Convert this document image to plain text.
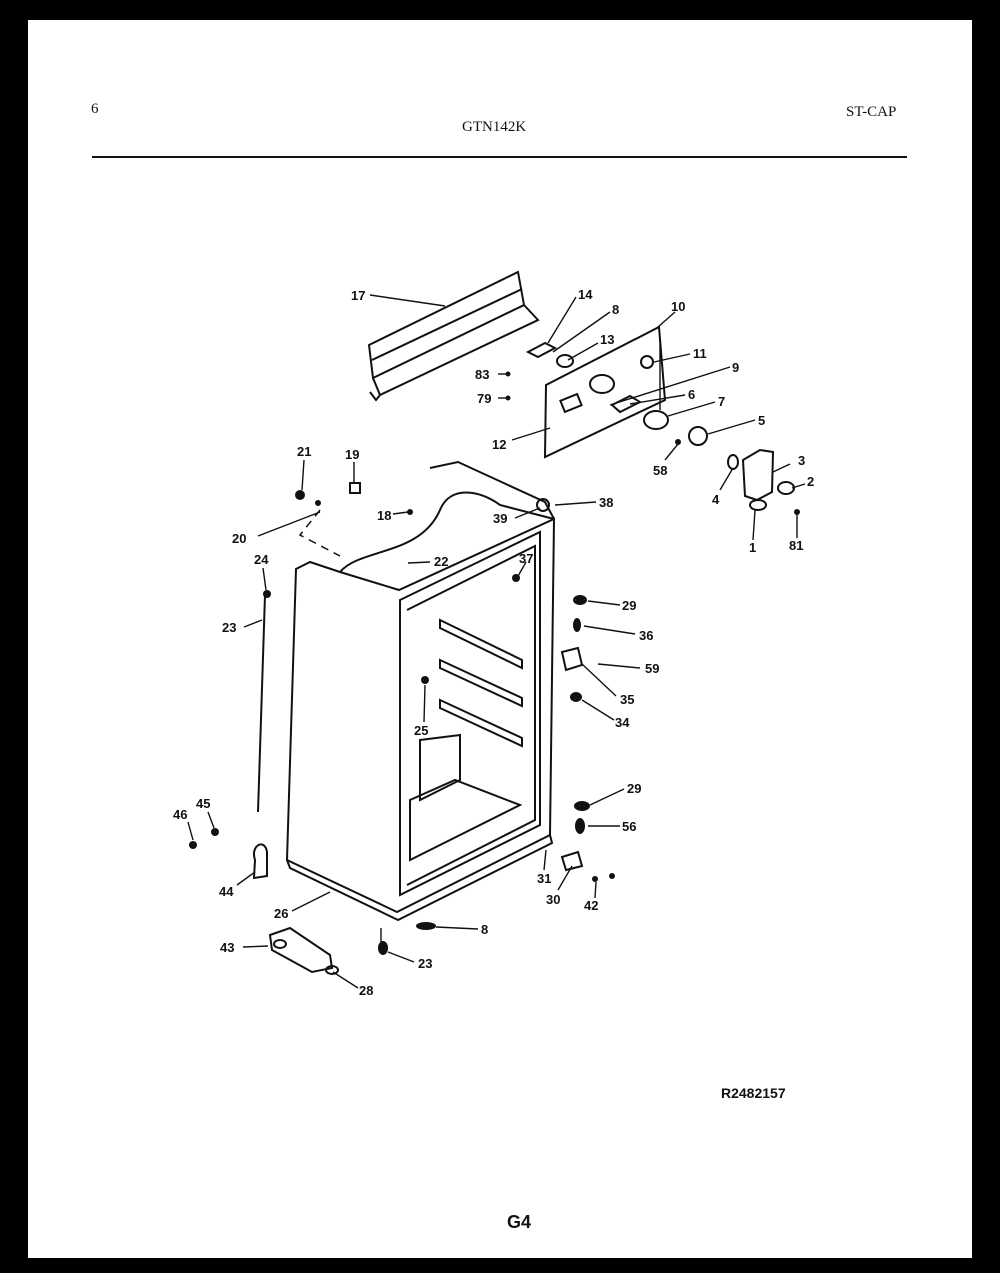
6
GTN142K
ST-CAP
R2482157
G4
17	14
8
13
10
11
9
83
79	6 7
5
12
58
3
2
4
1	81
21	19
18	39
38
20
22	37
24
23
29
36
59
35
34
25
29
56
46
45
44
31
30 42
26
8
43
23
28
